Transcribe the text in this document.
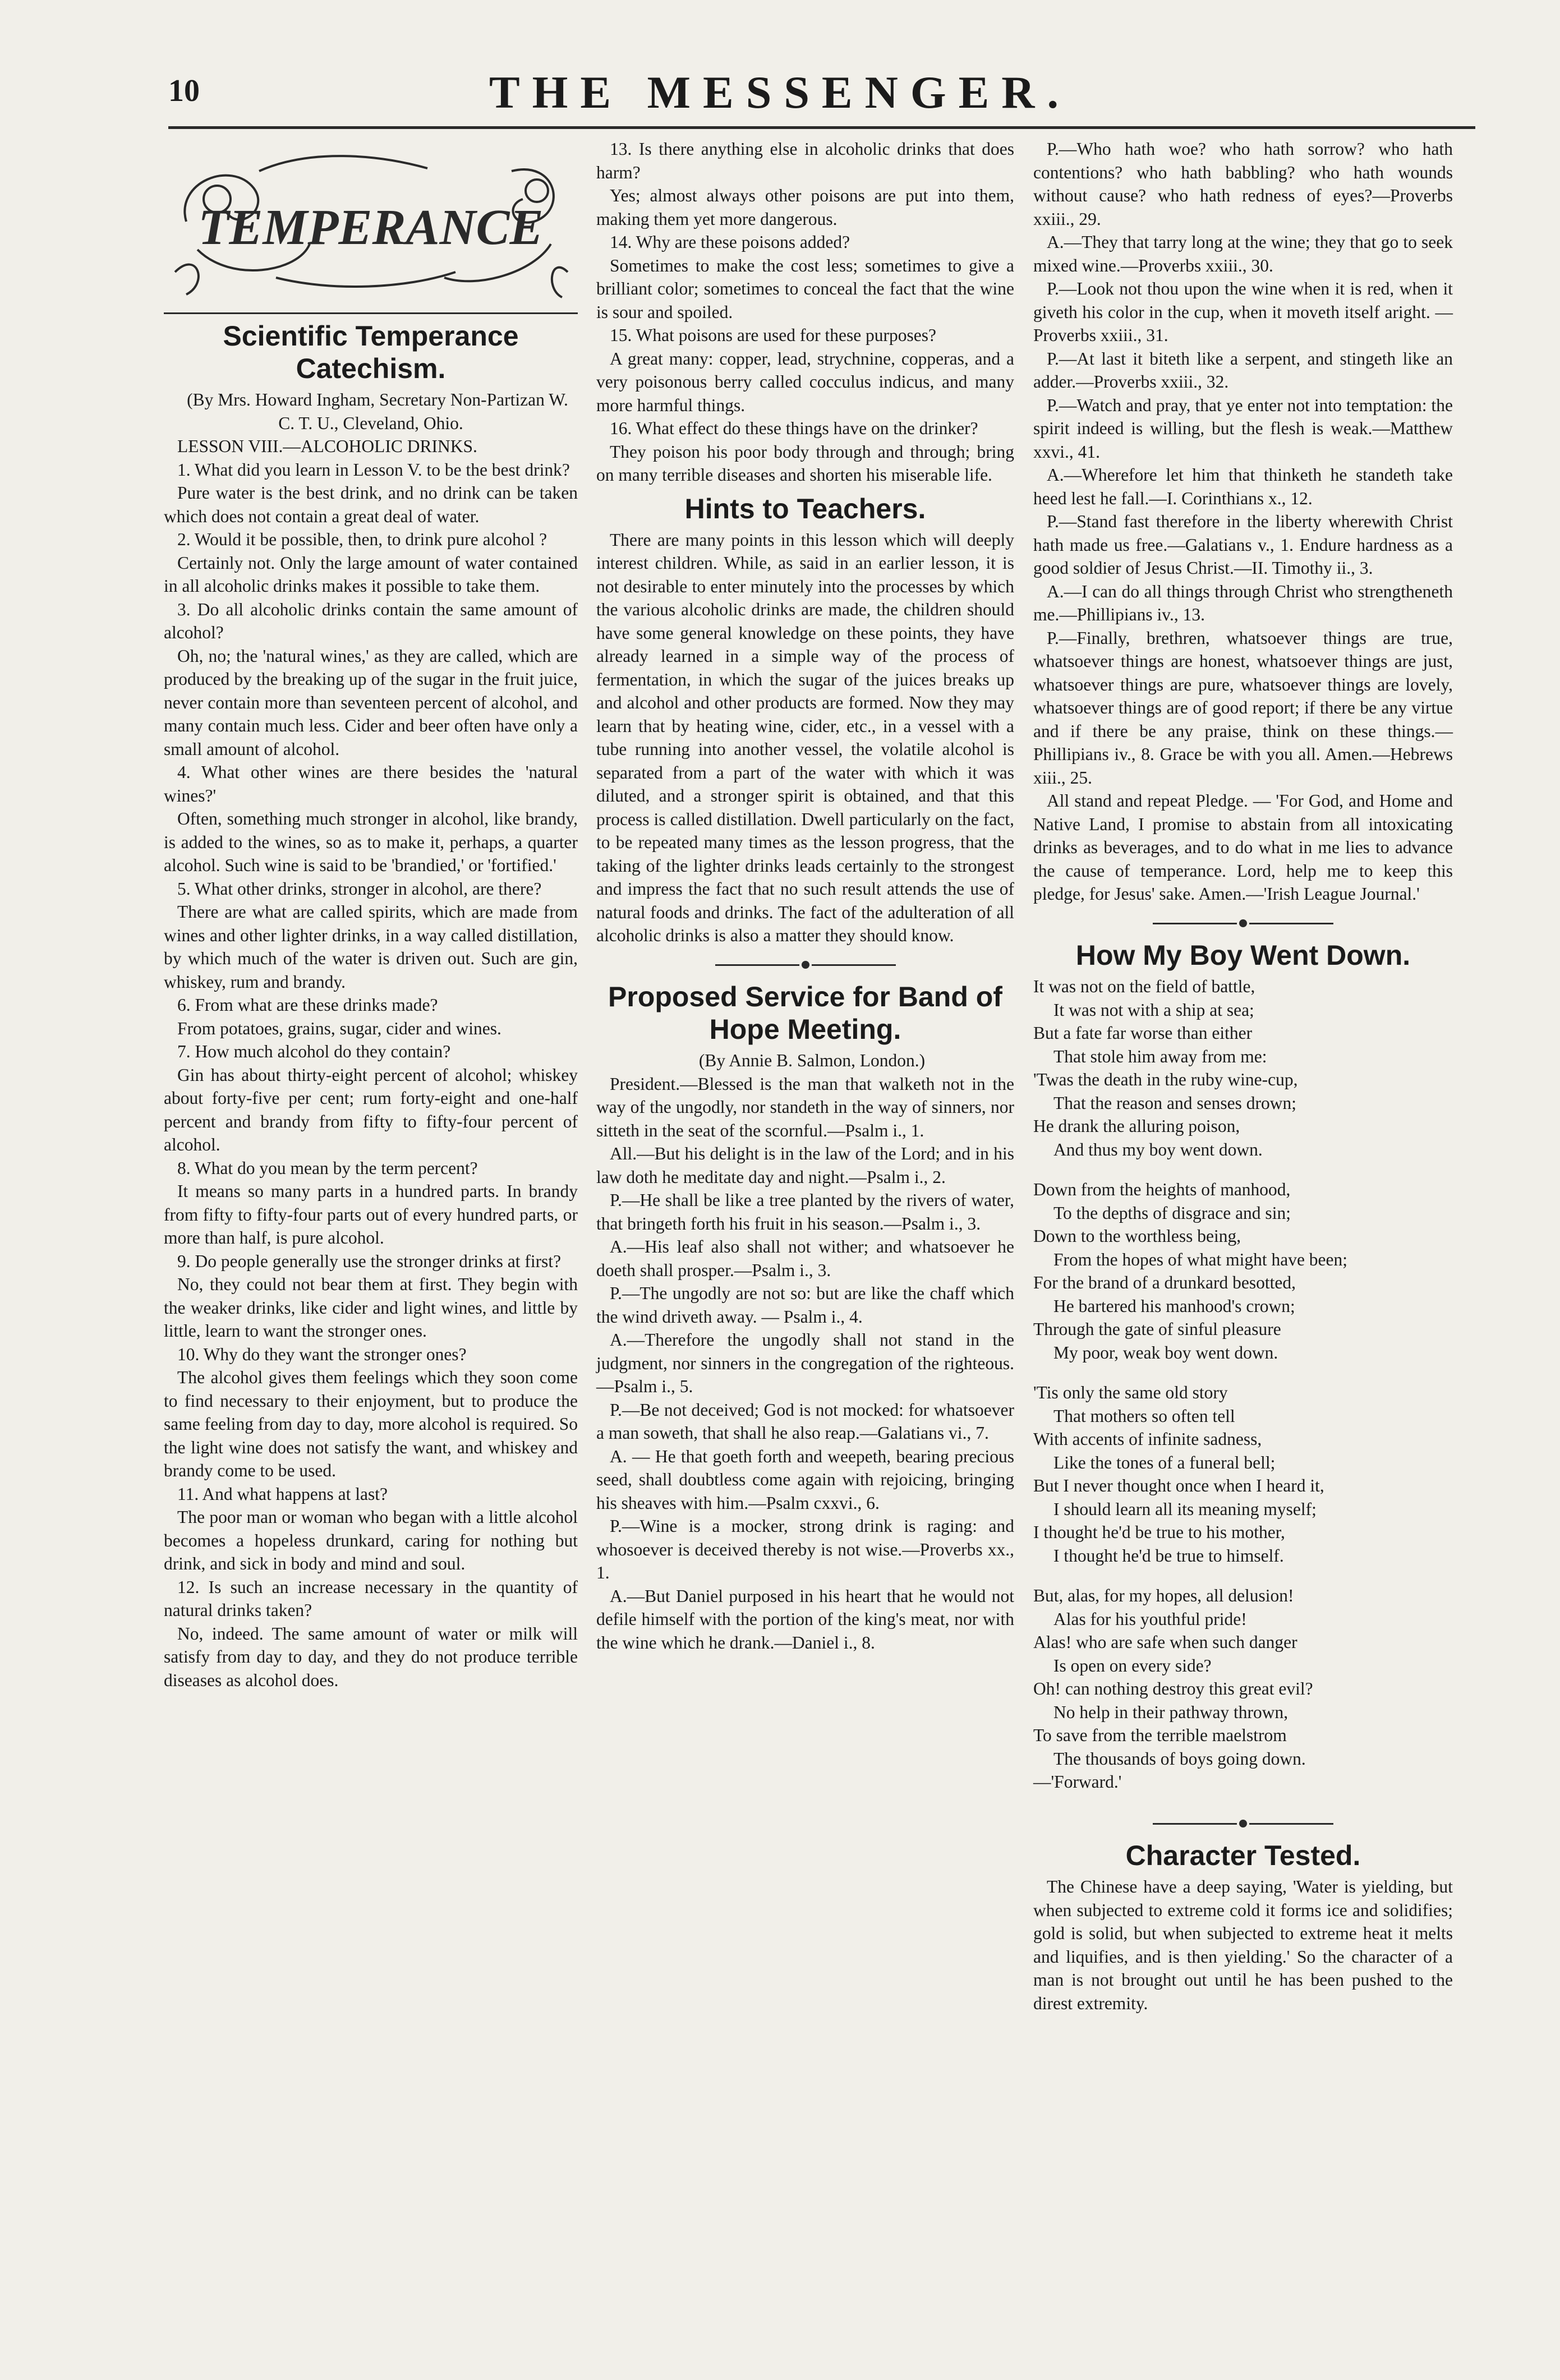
10	THE MESSENGER.
TEMPERANCE
Scientific Temperance Catechism.

(By Mrs. Howard Ingham, Secretary Non-Partizan W. C. T. U., Cleveland, Ohio.

LESSON VIII.—ALCOHOLIC DRINKS.

1. What did you learn in Lesson V. to be the best drink?

Pure water is the best drink, and no drink can be taken which does not contain a great deal of water.

2. Would it be possible, then, to drink pure alcohol ?

Certainly not. Only the large amount of water contained in all alcoholic drinks makes it possible to take them.

3. Do all alcoholic drinks contain the same amount of alcohol?

Oh, no; the 'natural wines,' as they are called, which are produced by the breaking up of the sugar in the fruit juice, never contain more than seventeen percent of alcohol, and many contain much less. Cider and beer often have only a small amount of alcohol.

4. What other wines are there besides the 'natural wines?'

Often, something much stronger in alcohol, like brandy, is added to the wines, so as to make it, perhaps, a quarter alcohol. Such wine is said to be 'brandied,' or 'fortified.'

5. What other drinks, stronger in alcohol, are there?

There are what are called spirits, which are made from wines and other lighter drinks, in a way called distillation, by which much of the water is driven out. Such are gin, whiskey, rum and brandy.

6. From what are these drinks made?

From potatoes, grains, sugar, cider and wines.

7. How much alcohol do they contain?

Gin has about thirty-eight percent of alcohol; whiskey about forty-five per cent; rum forty-eight and one-half percent and brandy from fifty to fifty-four percent of alcohol.

8. What do you mean by the term percent?

It means so many parts in a hundred parts. In brandy from fifty to fifty-four parts out of every hundred parts, or more than half, is pure alcohol.

9. Do people generally use the stronger drinks at first?

No, they could not bear them at first. They begin with the weaker drinks, like cider and light wines, and little by little, learn to want the stronger ones.

10. Why do they want the stronger ones?

The alcohol gives them feelings which they soon come to find necessary to their enjoyment, but to produce the same feeling from day to day, more alcohol is required. So the light wine does not satisfy the want, and whiskey and brandy come to be used.

11. And what happens at last?

The poor man or woman who began with a little alcohol becomes a hopeless drunkard, caring for nothing but drink, and sick in body and mind and soul.

12. Is such an increase necessary in the quantity of natural drinks taken?

No, indeed. The same amount of water or milk will satisfy from day to day, and they do not produce terrible diseases as alcohol does.

13. Is there anything else in alcoholic drinks that does harm?

Yes; almost always other poisons are put into them, making them yet more dangerous.

14. Why are these poisons added?

Sometimes to make the cost less; sometimes to give a brilliant color; sometimes to conceal the fact that the wine is sour and spoiled.

15. What poisons are used for these purposes?

A great many: copper, lead, strychnine, copperas, and a very poisonous berry called cocculus indicus, and many more harmful things.

16. What effect do these things have on the drinker?

They poison his poor body through and through; bring on many terrible diseases and shorten his miserable life.

Hints to Teachers.

There are many points in this lesson which will deeply interest children. While, as said in an earlier lesson, it is not desirable to enter minutely into the processes by which the various alcoholic drinks are made, the children should have some general knowledge on these points, they have already learned in a simple way of the process of fermentation, in which the sugar of the juices breaks up and alcohol and other products are formed. Now they may learn that by heating wine, cider, etc., in a vessel with a tube running into another vessel, the volatile alcohol is separated from a part of the water with which it was diluted, and a stronger spirit is obtained, and that this process is called distillation. Dwell particularly on the fact, to be repeated many times as the lesson progress, that the taking of the lighter drinks leads certainly to the strongest and impress the fact that no such result attends the use of natural foods and drinks. The fact of the adulteration of all alcoholic drinks is also a matter they should know.

Proposed Service for Band of Hope Meeting.

(By Annie B. Salmon, London.)

President.—Blessed is the man that walketh not in the way of the ungodly, nor standeth in the way of sinners, nor sitteth in the seat of the scornful.—Psalm i., 1.

All.—But his delight is in the law of the Lord; and in his law doth he meditate day and night.—Psalm i., 2.

P.—He shall be like a tree planted by the rivers of water, that bringeth forth his fruit in his season.—Psalm i., 3.

A.—His leaf also shall not wither; and whatsoever he doeth shall prosper.—Psalm i., 3.

P.—The ungodly are not so: but are like the chaff which the wind driveth away. — Psalm i., 4.

A.—Therefore the ungodly shall not stand in the judgment, nor sinners in the congregation of the righteous.—Psalm i., 5.

P.—Be not deceived; God is not mocked: for whatsoever a man soweth, that shall he also reap.—Galatians vi., 7.

A. — He that goeth forth and weepeth, bearing precious seed, shall doubtless come again with rejoicing, bringing his sheaves with him.—Psalm cxxvi., 6.

P.—Wine is a mocker, strong drink is raging: and whosoever is deceived thereby is not wise.—Proverbs xx., 1.

A.—But Daniel purposed in his heart that he would not defile himself with the portion of the king's meat, nor with the wine which he drank.—Daniel i., 8.

P.—Who hath woe? who hath sorrow? who hath contentions? who hath babbling? who hath wounds without cause? who hath redness of eyes?—Proverbs xxiii., 29.

A.—They that tarry long at the wine; they that go to seek mixed wine.—Proverbs xxiii., 30.

P.—Look not thou upon the wine when it is red, when it giveth his color in the cup, when it moveth itself aright. — Proverbs xxiii., 31.

P.—At last it biteth like a serpent, and stingeth like an adder.—Proverbs xxiii., 32.

P.—Watch and pray, that ye enter not into temptation: the spirit indeed is willing, but the flesh is weak.—Matthew xxvi., 41.

A.—Wherefore let him that thinketh he standeth take heed lest he fall.—I. Corinthians x., 12.

P.—Stand fast therefore in the liberty wherewith Christ hath made us free.—Galatians v., 1. Endure hardness as a good soldier of Jesus Christ.—II. Timothy ii., 3.

A.—I can do all things through Christ who strengtheneth me.—Phillipians iv., 13.

P.—Finally, brethren, whatsoever things are true, whatsoever things are honest, whatsoever things are just, whatsoever things are pure, whatsoever things are lovely, whatsoever things are of good report; if there be any virtue and if there be any praise, think on these things.—Phillipians iv., 8. Grace be with you all. Amen.—Hebrews xiii., 25.

All stand and repeat Pledge. — 'For God, and Home and Native Land, I promise to abstain from all intoxicating drinks as beverages, and to do what in me lies to advance the cause of temperance. Lord, help me to keep this pledge, for Jesus' sake. Amen.—'Irish League Journal.'

How My Boy Went Down.
It was not on the field of battle,
It was not with a ship at sea;
But a fate far worse than either
That stole him away from me:
'Twas the death in the ruby wine-cup,
That the reason and senses drown;
He drank the alluring poison,
And thus my boy went down.
Down from the heights of manhood,
To the depths of disgrace and sin;
Down to the worthless being,
From the hopes of what might have been;
For the brand of a drunkard besotted,
He bartered his manhood's crown;
Through the gate of sinful pleasure
My poor, weak boy went down.
'Tis only the same old story
That mothers so often tell
With accents of infinite sadness,
Like the tones of a funeral bell;
But I never thought once when I heard it,
I should learn all its meaning myself;
I thought he'd be true to his mother,
I thought he'd be true to himself.
But, alas, for my hopes, all delusion!
Alas for his youthful pride!
Alas! who are safe when such danger
Is open on every side?
Oh! can nothing destroy this great evil?
No help in their pathway thrown,
To save from the terrible maelstrom
The thousands of boys going down.
—'Forward.'
Character Tested.

The Chinese have a deep saying, 'Water is yielding, but when subjected to extreme cold it forms ice and solidifies; gold is solid, but when subjected to extreme heat it melts and liquifies, and is then yielding.' So the character of a man is not brought out until he has been pushed to the direst extremity.
